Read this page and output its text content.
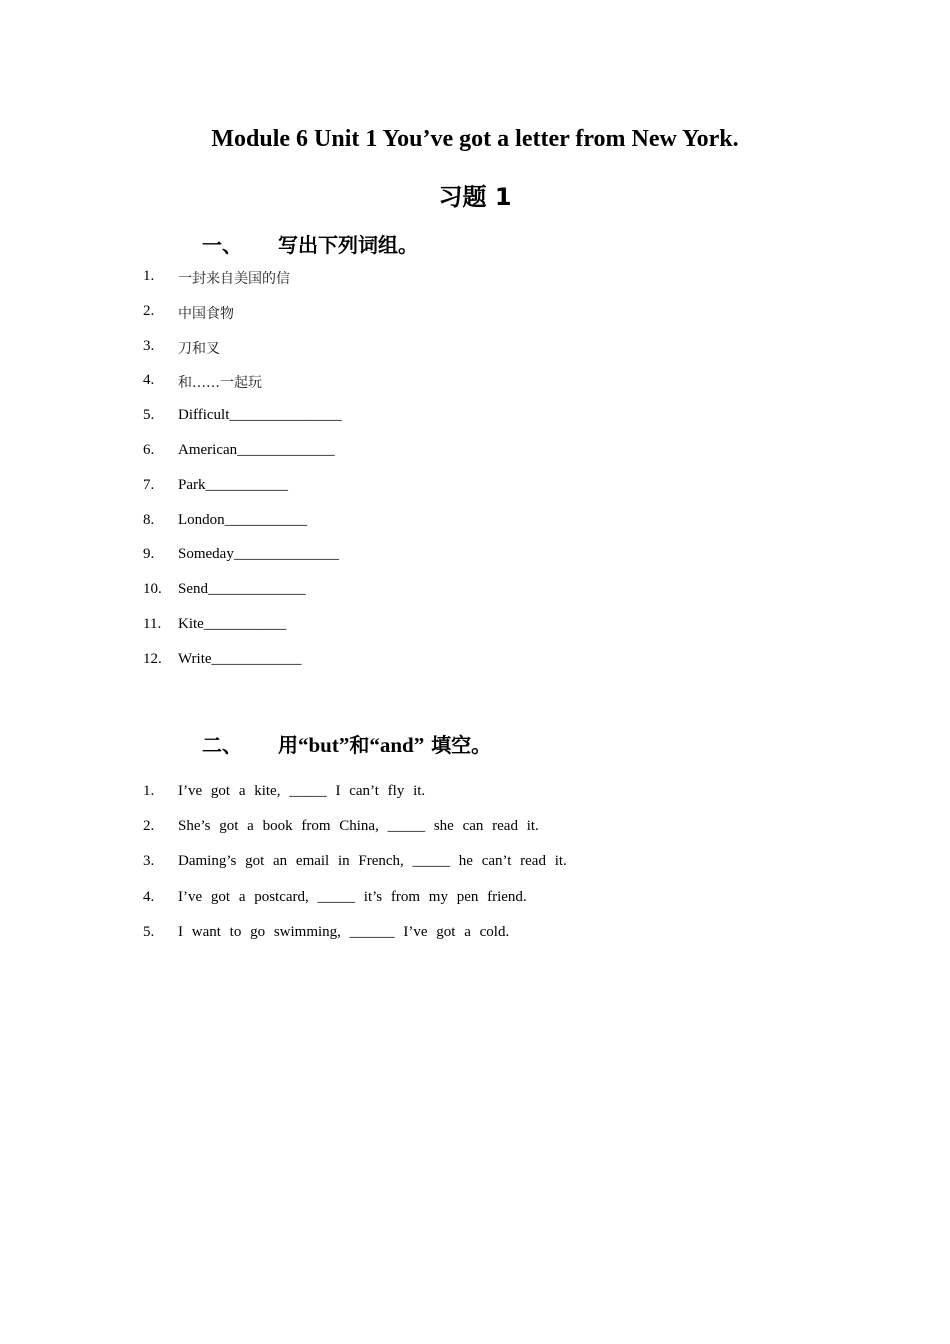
Module 6 Unit 1 You’ve got a letter from New York.
习题 1
一、	写出下列词组。
1.	一封来自美国的信
2.	中国食物
3.	刀和叉
4.	和……一起玩
5.	Difficult_______________
6.	American_____________
7.	Park___________
8.	London___________
9.	Someday______________
10.	Send_____________
11.	Kite___________
12.	Write____________
二、	用“but”和“and” 填空。
1.	I’ve got a kite, _____ I can’t fly it.
2.	She’s got a book from China, _____ she can read it.
3.	Daming’s got an email in French, _____ he can’t read it.
4.	I’ve got a postcard, _____ it’s from my pen friend.
5.	I want to go swimming, ______ I’ve got a cold.
